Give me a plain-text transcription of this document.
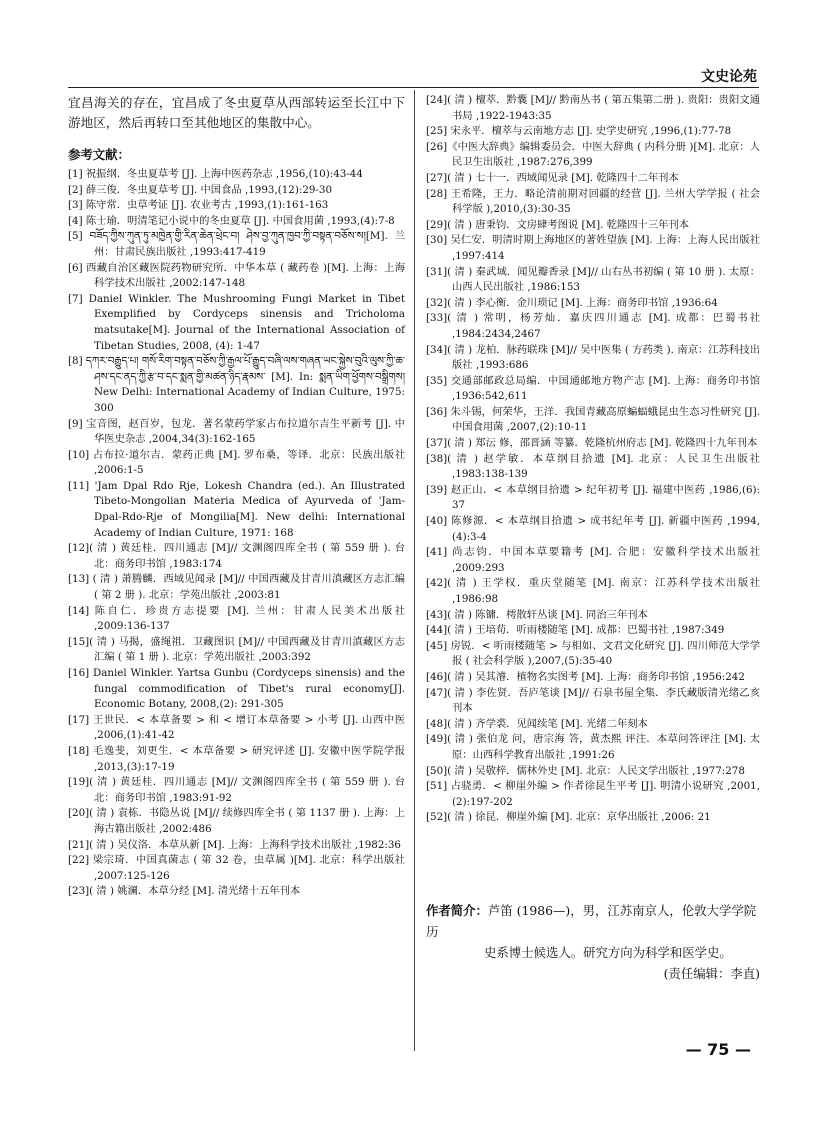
文史论苑

宜昌海关的存在，宜昌成了冬虫夏草从西部转运至长江中下游地区，然后再转口至其他地区的集散中心。

参考文献：
[1] 祝振纲．冬虫夏草考 [J]. 上海中医药杂志 ,1956,(10):43-44
[2] 薛三俊．冬虫夏草考 [J]. 中国食品 ,1993,(12):29-30
[3] 陈守常．虫草考证 [J]. 农业考古 ,1993,(1):161-163
[4] 陈士瑜．明清笔记小说中的冬虫夏草 [J]. 中国食用菌 ,1993,(4):7-8
[5] བཟོད་ཀྱིས་ཀུན་ཏུ་མཁྱེན་གྱི་རིན་ཆེན་ཕྲེང་བ། ཤེས་བྱ་ཀུན་ཁྱབ་ཀྱི་བསྟན་བཅོས་ས།[M]. 兰州：甘肃民族出版社 ,1993:417-419
[6] 西藏自治区藏医院药物研究所．中华本草 ( 藏药卷 )[M]. 上海：上海科学技术出版社 ,2002:147-148
[7] Daniel Winkler. The Mushrooming Fungi Market in Tibet Exemplified by Cordyceps sinensis and Tricholoma matsutake[M]. Journal of the International Association of Tibetan Studies, 2008, (4): 1-47
[8] དཀར་བརྒྱུད་པ། གསོ་རིག་བསྟན་བཅོས་ཀྱི་རྒྱལ་པོ་རྒྱུད་བཞི་ལས་གཞན་ཡང་སྐྱེས་བུའི་ལུས་ཀྱི་ཆ་ཤས་དང་ནད་ཀྱི་རྩ་བ་དང་སྨན་གྱི་མཚན་ཉིད་རྣམས་ [M]. In: སྨན་ཡིག་ཕྱོགས་བསྒྲིགས། New Delhi: International Academy of Indian Culture, 1975: 300
[9] 宝音图，赵百岁，包龙．著名蒙药学家占布拉道尔吉生平新考 [J]. 中华医史杂志 ,2004,34(3):162-165
[10] 占布拉·道尔吉．蒙药正典 [M]. 罗布桑，等译．北京：民族出版社 ,2006:1-5
[11] 'Jam Dpal Rdo Rje, Lokesh Chandra (ed.). An Illustrated Tibeto-Mongolian Materia Medica of Ayurveda of 'Jam-Dpal-Rdo-Rje of Mongilia[M]. New delhi: International Academy of Indian Culture, 1971: 168
[12]( 清 ) 黄廷桂．四川通志 [M]// 文渊阁四库全书 ( 第 559 册 ). 台北：商务印书馆 ,1983:174
[13] ( 清 ) 萧腾麟．西域见闻录 [M]// 中国西藏及甘青川滇藏区方志汇编 ( 第 2 册 ). 北京：学苑出版社 ,2003:81
[14] 陈自仁．珍贵方志提要 [M]. 兰州：甘肃人民美术出版社 ,2009:136-137
[15]( 清 ) 马揭，盛绳祖．卫藏图识 [M]// 中国西藏及甘青川滇藏区方志汇编 ( 第 1 册 ). 北京：学苑出版社 ,2003:392
[16] Daniel Winkler. Yartsa Gunbu (Cordyceps sinensis) and the fungal commodification of Tibet's rural economy[J]. Economic Botany, 2008,(2): 291-305
[17] 王世民．< 本草备要 > 和 < 增订本草备要 > 小考 [J]. 山西中医 ,2006,(1):41-42
[18] 毛逸斐，刘更生．< 本草备要 > 研究评述 [J]. 安徽中医学院学报 ,2013,(3):17-19
[19]( 清 ) 黄廷桂．四川通志 [M]// 文渊阁四库全书 ( 第 559 册 ). 台北：商务印书馆 ,1983:91-92
[20]( 清 ) 袁栋．书隐丛说 [M]// 续修四库全书 ( 第 1137 册 ). 上海：上海古籍出版社 ,2002:486
[21]( 清 ) 吴仪洛．本草从新 [M]. 上海：上海科学技术出版社 ,1982:36
[22] 梁宗琦．中国真菌志 ( 第 32 卷，虫草属 )[M]. 北京：科学出版社 ,2007:125-126
[23]( 清 ) 姚澜．本草分经 [M]. 清光绪十五年刊本
[24]( 清 ) 檀萃．黔囊 [M]// 黔南丛书 ( 第五集第二册 ). 贵阳：贵阳文通书局 ,1922-1943:35
[25] 宋永平．檀萃与云南地方志 [J]. 史学史研究 ,1996,(1):77-78
[26]《中医大辞典》编辑委员会．中医大辞典 ( 内科分册 )[M]. 北京：人民卫生出版社 ,1987:276,399
[27]( 清 ) 七十一．西域闻见录 [M]. 乾隆四十二年刊本
[28] 王希隆，王力．略论清前期对回疆的经营 [J]. 兰州大学学报 ( 社会科学版 ),2010,(3):30-35
[29]( 清 ) 唐秉钧．文房肆考图说 [M]. 乾隆四十三年刊本
[30] 吴仁安．明清时期上海地区的著姓望族 [M]. 上海：上海人民出版社 ,1997:414
[31]( 清 ) 秦武域．闻见瓣香录 [M]// 山右丛书初编 ( 第 10 册 ). 太原：山西人民出版社 ,1986:153
[32]( 清 ) 李心衡．金川琐记 [M]. 上海：商务印书馆 ,1936:64
[33]( 清 ) 常明，杨芳灿．嘉庆四川通志 [M]. 成都：巴蜀书社 ,1984:2434,2467
[34]( 清 ) 龙柏．脉药联珠 [M]// 吴中医集 ( 方药类 ). 南京：江苏科技出版社 ,1993:686
[35] 交通部邮政总局编．中国通邮地方物产志 [M]. 上海：商务印书馆 ,1936:542,611
[36] 朱斗锡，何荣华，王洋．我国青藏高原蝙蝠蛾昆虫生态习性研究 [J]. 中国食用菌 ,2007,(2):10-11
[37]( 清 ) 郑沄 修，邵晋涵 等纂．乾隆杭州府志 [M]. 乾隆四十九年刊本
[38]( 清 ) 赵学敏．本草纲目拾遗 [M]. 北京：人民卫生出版社 ,1983:138-139
[39] 赵正山．< 本草纲目拾遗 > 纪年初考 [J]. 福建中医药 ,1986,(6): 37
[40] 陈修源．< 本草纲目拾遗 > 成书纪年考 [J]. 新疆中医药 ,1994,(4):3-4
[41] 尚志钧．中国本草要籍考 [M]. 合肥：安徽科学技术出版社 ,2009:293
[42]( 清 ) 王学权．重庆堂随笔 [M]. 南京：江苏科学技术出版社 ,1986:98
[43]( 清 ) 陈镛．樗散轩丛谈 [M]. 同治三年刊本
[44]( 清 ) 王培荀．听雨楼随笔 [M]. 成都：巴蜀书社 ,1987:349
[45] 房锐．< 听雨楼随笔 > 与相如、文君文化研究 [J]. 四川师范大学学报 ( 社会科学版 ),2007,(5):35-40
[46]( 清 ) 吴其濬．植物名实图考 [M]. 上海：商务印书馆 ,1956:242
[47]( 清 ) 李佐贤．吾庐笔谈 [M]// 石泉书屋全集．李氏藏版清光绪乙亥刊本
[48]( 清 ) 齐学裘．见闻续笔 [M]. 光绪二年刻本
[49]( 清 ) 张伯龙 问，唐宗海 答，黄杰熙 评注．本草问答评注 [M]. 太原：山西科学教育出版社 ,1991:26
[50]( 清 ) 吴敬梓．儒林外史 [M]. 北京：人民文学出版社 ,1977:278
[51] 占骁勇．< 柳崖外编 > 作者徐昆生平考 [J]. 明清小说研究 ,2001,(2):197-202
[52]( 清 ) 徐昆．柳崖外编 [M]. 北京：京华出版社 ,2006: 21

作者简介：芦笛 (1986—)，男，江苏南京人，伦敦大学学院历

史系博士候选人。研究方向为科学和医学史。

(责任编辑：李直)

— 75 —
